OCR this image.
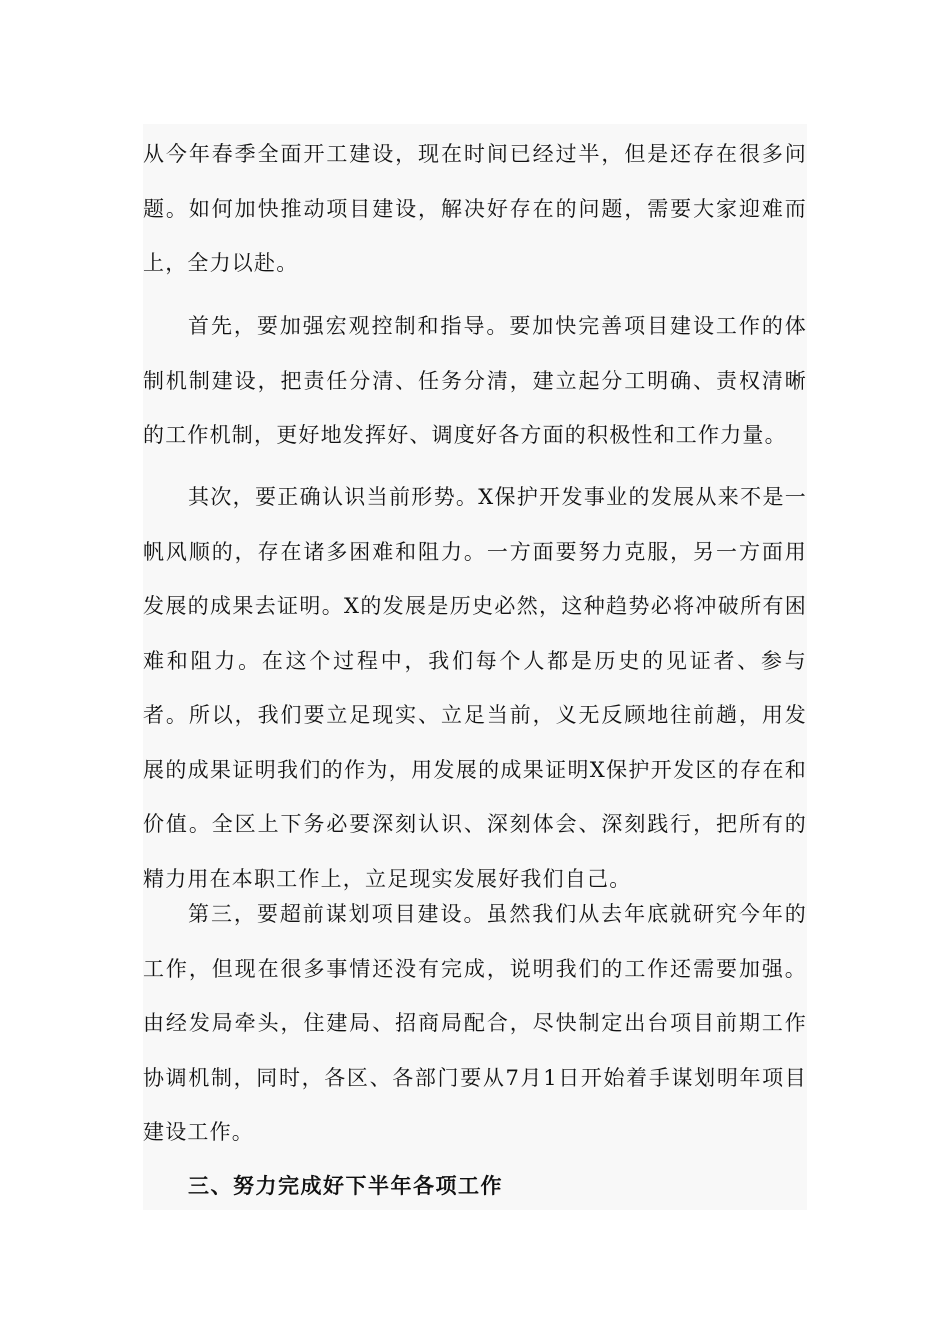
从今年春季全面开工建设，现在时间已经过半，但是还存在很多问题。如何加快推动项目建设，解决好存在的问题，需要大家迎难而上，全力以赴。

首先，要加强宏观控制和指导。要加快完善项目建设工作的体制机制建设，把责任分清、任务分清，建立起分工明确、责权清晰的工作机制，更好地发挥好、调度好各方面的积极性和工作力量。

其次，要正确认识当前形势。X保护开发事业的发展从来不是一帆风顺的，存在诸多困难和阻力。一方面要努力克服，另一方面用发展的成果去证明。X的发展是历史必然，这种趋势必将冲破所有困难和阻力。在这个过程中，我们每个人都是历史的见证者、参与者。所以，我们要立足现实、立足当前，义无反顾地往前趟，用发展的成果证明我们的作为，用发展的成果证明X保护开发区的存在和价值。全区上下务必要深刻认识、深刻体会、深刻践行，把所有的精力用在本职工作上，立足现实发展好我们自己。

第三，要超前谋划项目建设。虽然我们从去年底就研究今年的工作，但现在很多事情还没有完成，说明我们的工作还需要加强。由经发局牵头，住建局、招商局配合，尽快制定出台项目前期工作协调机制，同时，各区、各部门要从7月1日开始着手谋划明年项目建设工作。

三、努力完成好下半年各项工作
